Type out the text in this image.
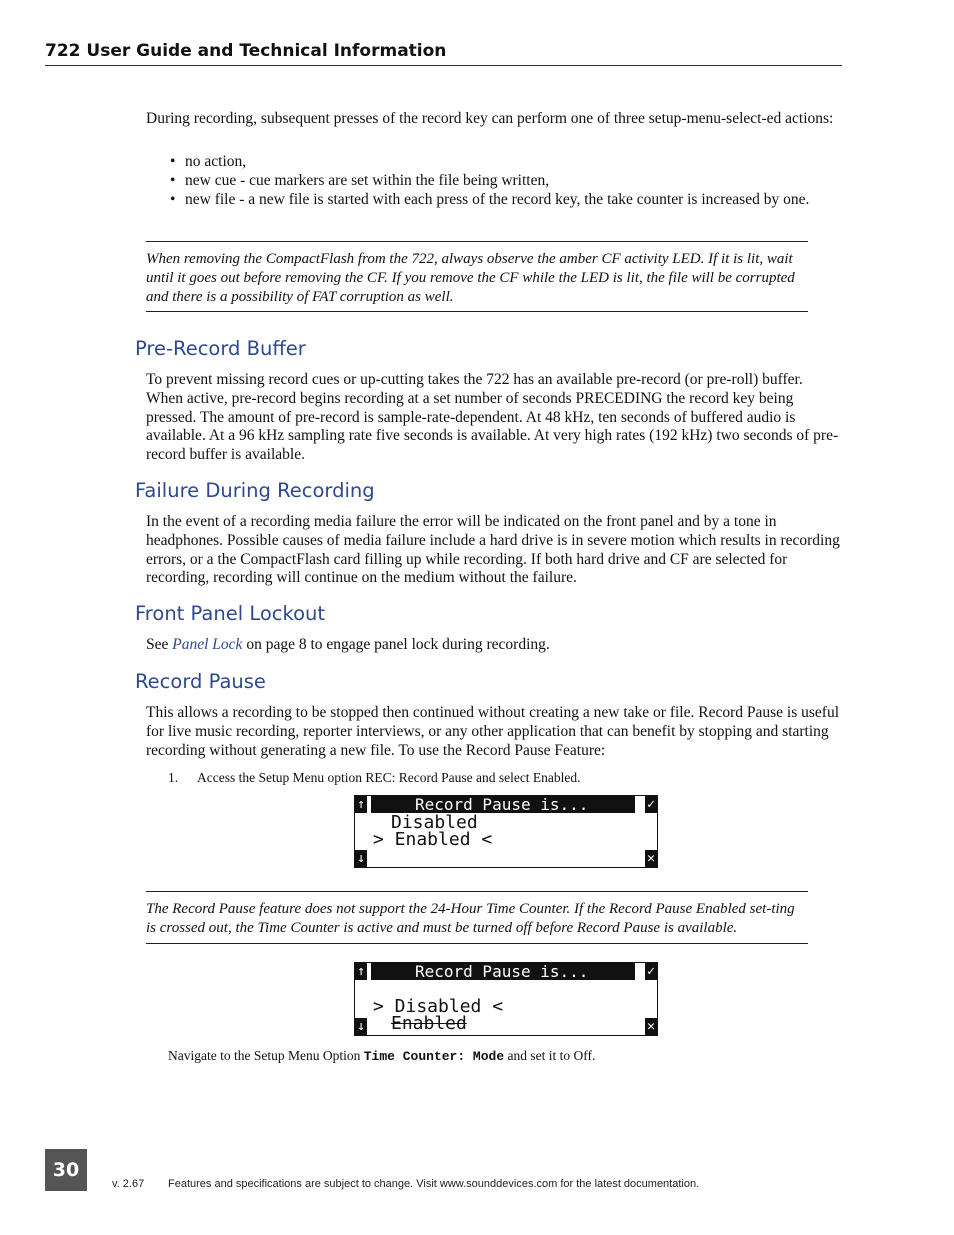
722 User Guide and Technical Information
During recording, subsequent presses of the record key can perform one of three setup-menu-select-ed actions:
• no action,
• new cue - cue markers are set within the file being written,
• new file - a new file is started with each press of the record key, the take counter is increased by one.
When removing the CompactFlash from the 722, always observe the amber CF activity LED. If it is lit, wait until it goes out before removing the CF. If you remove the CF while the LED is lit, the file will be corrupted and there is a possibility of FAT corruption as well.
Pre-Record Buffer
To prevent missing record cues or up-cutting takes the 722 has an available pre-record (or pre-roll) buffer. When active, pre-record begins recording at a set number of seconds PRECEDING the record key being pressed. The amount of pre-record is sample-rate-dependent. At 48 kHz, ten seconds of buffered audio is available. At a 96 kHz sampling rate five seconds is available. At very high rates (192 kHz) two seconds of pre-record buffer is available.
Failure During Recording
In the event of a recording media failure the error will be indicated on the front panel and by a tone in headphones. Possible causes of media failure include a hard drive is in severe motion which results in recording errors, or a the CompactFlash card filling up while recording. If both hard drive and CF are selected for recording, recording will continue on the medium without the failure.
Front Panel Lockout
See Panel Lock on page 8 to engage panel lock during recording.
Record Pause
This allows a recording to be stopped then continued without creating a new take or file. Record Pause is useful for live music recording, reporter interviews, or any other application that can benefit by stopping and starting recording without generating a new file. To use the Record Pause Feature:
1. Access the Setup Menu option REC: Record Pause and select Enabled.
↑	Record Pause is...	✓
Disabled
> Enabled <
↓	✕
The Record Pause feature does not support the 24-Hour Time Counter. If the Record Pause Enabled set-ting is crossed out, the Time Counter is active and must be turned off before Record Pause is available.
↑	Record Pause is...	✓
> Disabled <
Enabled
↓	✕
Navigate to the Setup Menu Option Time Counter: Mode and set it to Off.
30
v. 2.67 Features and specifications are subject to change. Visit www.sounddevices.com for the latest documentation.
